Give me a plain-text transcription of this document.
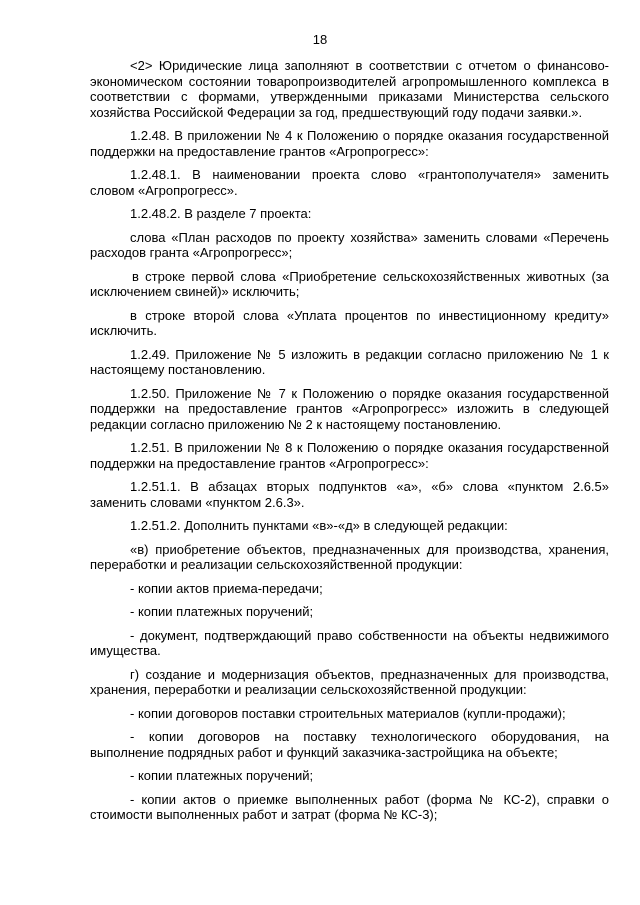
18

<2> Юридические лица заполняют в соответствии с отчетом о финансово-экономическом состоянии товаропроизводителей агропромышленного комплекса в соответствии с формами, утвержденными приказами Министерства сельского хозяйства Российской Федерации за год, предшествующий году подачи заявки.».

1.2.48. В приложении № 4 к Положению о порядке оказания государственной поддержки на предоставление грантов «Агропрогресс»:

1.2.48.1. В наименовании проекта слово «грантополучателя» заменить словом «Агропрогресс».

1.2.48.2. В разделе 7 проекта:

слова «План расходов по проекту хозяйства» заменить словами «Перечень расходов гранта «Агропрогресс»;

в строке первой слова «Приобретение сельскохозяйственных животных (за исключением свиней)» исключить;

в строке второй слова «Уплата процентов по инвестиционному кредиту» исключить.

1.2.49. Приложение № 5 изложить в редакции согласно приложению № 1 к настоящему постановлению.

1.2.50. Приложение № 7 к Положению о порядке оказания государственной поддержки на предоставление грантов «Агропрогресс» изложить в следующей редакции согласно приложению № 2 к настоящему постановлению.

1.2.51. В приложении № 8 к Положению о порядке оказания государственной поддержки на предоставление грантов «Агропрогресс»:

1.2.51.1. В абзацах вторых подпунктов «а», «б» слова «пунктом 2.6.5» заменить словами «пунктом 2.6.3».

1.2.51.2. Дополнить пунктами «в»-«д» в следующей редакции:

«в) приобретение объектов, предназначенных для производства, хранения, переработки и реализации сельскохозяйственной продукции:

- копии актов приема-передачи;

- копии платежных поручений;

- документ, подтверждающий право собственности на объекты недвижимого имущества.

г) создание и модернизация объектов, предназначенных для производства, хранения, переработки и реализации сельскохозяйственной продукции:

- копии договоров поставки строительных материалов (купли-продажи);

- копии договоров на поставку технологического оборудования, на выполнение подрядных работ и функций заказчика-застройщика на объекте;

- копии платежных поручений;

- копии актов о приемке выполненных работ (форма № КС-2), справки о стоимости выполненных работ и затрат (форма № КС-3);
